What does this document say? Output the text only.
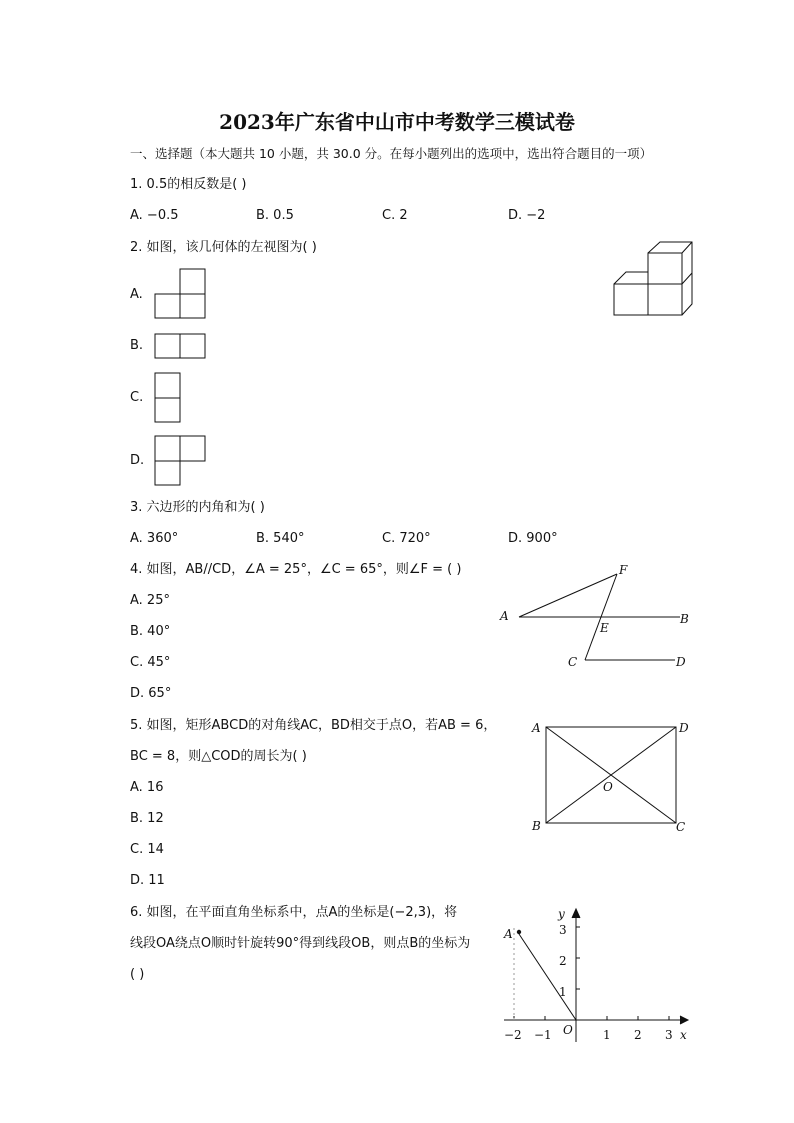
2023年广东省中山市中考数学三模试卷
一、选择题（本大题共 10 小题，共 30.0 分。在每小题列出的选项中，选出符合题目的一项）
1. 0.5的相反数是( )
A. −0.5	B. 0.5	C. 2	D. −2
2. 如图，该几何体的左视图为( )
A.
B.
C.
D.
3. 六边形的内角和为( )
A. 360°	B. 540°	C. 720°	D. 900°
4. 如图，AB//CD，∠A = 25°，∠C = 65°，则∠F = ( )
A. 25°
B. 40°
C. 45°
D. 65°
F
A	B
E
C	D
5. 如图，矩形ABCD的对角线AC，BD相交于点O，若AB = 6，
BC = 8，则△COD的周长为( )
A. 16
B. 12
C. 14
D. 11
A	D
O
B	C
6. 如图，在平面直角坐标系中，点A的坐标是(−2,3)，将
线段OA绕点O顺时针旋转90°得到线段OB，则点B的坐标为
( )
y
A	3
2
1
O
−2 −1	1 2 3 x
